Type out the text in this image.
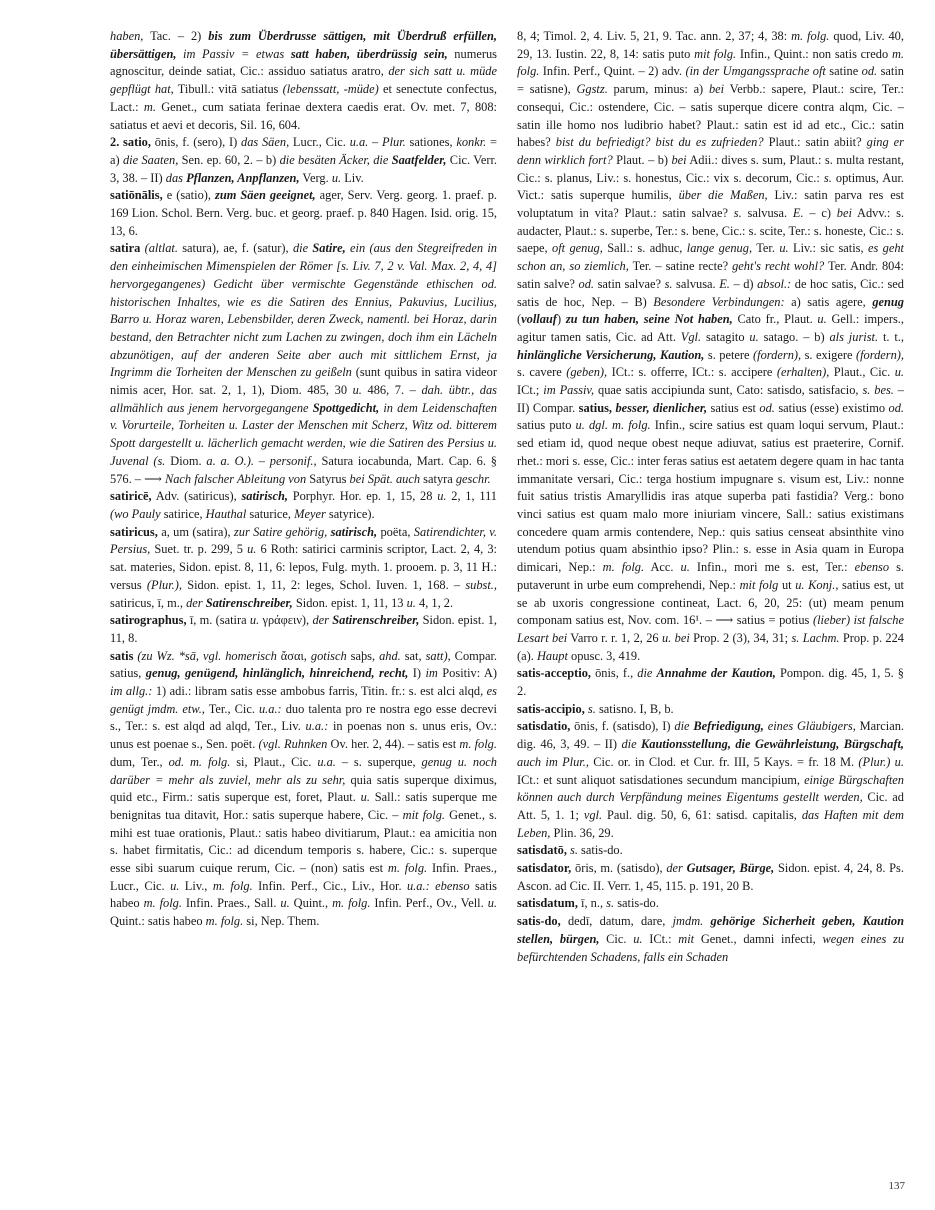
haben, Tac. – 2) bis zum Überdrusse sättigen, mit Überdruß erfüllen, übersättigen, im Passiv = etwas satt haben, überdrüssig sein, numerus agnoscitur, deinde satiat, Cic.: assiduo satiatus aratro, der sich satt u. müde gepflügt hat, Tibull.: vitā satiatus (lebenssatt, -müde) et senectute confectus, Lact.: m. Genet., cum satiata ferinae dextera caedis erat. Ov. met. 7, 808: satiatus et aevi et decoris, Sil. 16, 604.

2. satio, ōnis, f. (sero), I) das Säen, Lucr., Cic. u.a. – Plur. sationes, konkr. = a) die Saaten, Sen. ep. 60, 2. – b) die besäten Äcker, die Saatfelder, Cic. Verr. 3, 38. – II) das Pflanzen, Anpflanzen, Verg. u. Liv.

satiōnālis, e (satio), zum Säen geeignet, ager, Serv. Verg. georg. 1. praef. p. 169 Lion. Schol. Bern. Verg. buc. et georg. praef. p. 840 Hagen. Isid. orig. 15, 13, 6.

satira (altlat. satura), ae, f. (satur), die Satire, ein (aus den Stegreifreden in den einheimischen Mimenspielen der Römer [s. Liv. 7, 2 v. Val. Max. 2, 4, 4] hervorgegangenes) Gedicht über vermischte Gegenstände ethischen od. historischen Inhaltes, wie es die Satiren des Ennius, Pakuvius, Lucilius, Barro u. Horaz waren, Lebensbilder, deren Zweck, namentl. bei Horaz, darin bestand, den Betrachter nicht zum Lachen zu zwingen, doch ihm ein Lächeln abzunötigen, auf der anderen Seite aber auch mit sittlichem Ernst, ja Ingrimm die Torheiten der Menschen zu geißeln (sunt quibus in satira videor nimis acer, Hor. sat. 2, 1, 1), Diom. 485, 30 u. 486, 7. – dah. übtr., das allmählich aus jenem hervorgegangene Spottgedicht, in dem Leidenschaften v. Vorurteile, Torheiten u. Laster der Menschen mit Scherz, Witz od. bitterem Spott dargestellt u. lächerlich gemacht werden, wie die Satiren des Persius u. Juvenal (s. Diom. a. a. O.). – personif., Satura iocabunda, Mart. Cap. 6. § 576. – ⟶ Nach falscher Ableitung von Satyrus bei Spät. auch satyra geschr.

satiricē, Adv. (satiricus), satirisch, Porphyr. Hor. ep. 1, 15, 28 u. 2, 1, 111 (wo Pauly satirice, Hauthal saturice, Meyer satyrice).

satiricus, a, um (satira), zur Satire gehörig, satirisch, poëta, Satirendichter, v. Persius, Suet. tr. p. 299, 5 u. 6 Roth: satirici carminis scriptor, Lact. 2, 4, 3: sat. materies, Sidon. epist. 8, 11, 6: lepos, Fulg. myth. 1. prooem. p. 3, 11 H.: versus (Plur.), Sidon. epist. 1, 11, 2: leges, Schol. Iuven. 1, 168. – subst., satiricus, ī, m., der Satirenschreiber, Sidon. epist. 1, 11, 13 u. 4, 1, 2.

satirographus, ī, m. (satira u. γράφειν), der Satirenschreiber, Sidon. epist. 1, 11, 8.

satis (zu Wz. *sā, vgl. homerisch ἄσαι, gotisch saþs, ahd. sat, satt), Compar. satius, genug, genügend, hinlänglich, hinreichend, recht, I) im Positiv: A) im allg.: 1) adi.: libram satis esse ambobus farris, Titin. fr.: s. est alci alqd, es genügt jmdm. etw., Ter., Cic. u.a.: duo talenta pro re nostra ego esse decrevi s., Ter.: s. est alqd ad alqd, Ter., Liv. u.a.: in poenas non s. unus eris, Ov.: unus est poenae s., Sen. poët. (vgl. Ruhnken Ov. her. 2, 44). – satis est m. folg. dum, Ter., od. m. folg. si, Plaut., Cic. u.a. – s. superque, genug u. noch darüber = mehr als zuviel, mehr als zu sehr, quia satis superque diximus, quid etc., Firm.: satis superque est, foret, Plaut. u. Sall.: satis superque me benignitas tua ditavit, Hor.: satis superque habere, Cic. – mit folg. Genet., s. mihi est tuae orationis, Plaut.: satis habeo divitiarum, Plaut.: ea amicitia non s. habet firmitatis, Cic.: ad dicendum temporis s. habere, Cic.: s. superque esse sibi suarum cuique rerum, Cic. – (non) satis est m. folg. Infin. Praes., Lucr., Cic. u. Liv., m. folg. Infin. Perf., Cic., Liv., Hor. u.a.: ebenso satis habeo m. folg. Infin. Praes., Sall. u. Quint., m. folg. Infin. Perf., Ov., Vell. u. Quint.: satis habeo m. folg. si, Nep. Them.

8, 4; Timol. 2, 4. Liv. 5, 21, 9. Tac. ann. 2, 37; 4, 38: m. folg. quod, Liv. 40, 29, 13. Iustin. 22, 8, 14: satis puto mit folg. Infin., Quint.: non satis credo m. folg. Infin. Perf., Quint. – 2) adv. (in der Umgangssprache oft satine od. satin = satisne), Ggstz. parum, minus: a) bei Verbb.: sapere, Plaut.: scire, Ter.: consequi, Cic.: ostendere, Cic. – satis superque dicere contra alqm, Cic. – satin ille homo nos ludibrio habet? Plaut.: satin est id ad etc., Cic.: satin habes? bist du befriedigt? bist du es zufrieden? Plaut.: satin abiit? ging er denn wirklich fort? Plaut. – b) bei Adii.: dives s. sum, Plaut.: s. multa restant, Cic.: s. planus, Liv.: s. honestus, Cic.: vix s. decorum, Cic.: s. optimus, Aur. Vict.: satis superque humilis, über die Maßen, Liv.: satin parva res est voluptatum in vita? Plaut.: satin salvae? s. salvusa. E. – c) bei Advv.: s. audacter, Plaut.: s. superbe, Ter.: s. bene, Cic.: s. scite, Ter.: s. honeste, Cic.: s. saepe, oft genug, Sall.: s. adhuc, lange genug, Ter. u. Liv.: sic satis, es geht schon an, so ziemlich, Ter. – satine recte? geht's recht wohl? Ter. Andr. 804: satin salve? od. satin salvae? s. salvusa. E. – d) absol.: de hoc satis, Cic.: sed satis de hoc, Nep. – B) Besondere Verbindungen: a) satis agere, genug (vollauf) zu tun haben, seine Not haben, Cato fr., Plaut. u. Gell.: impers., agitur tamen satis, Cic. ad Att. Vgl. satagito u. satago. – b) als jurist. t. t., hinlängliche Versicherung, Kaution, s. petere (fordern), s. exigere (fordern), s. cavere (geben), ICt.: s. offerre, ICt.: s. accipere (erhalten), Plaut., Cic. u. ICt.; im Passiv, quae satis accipiunda sunt, Cato: satisdo, satisfacio, s. bes. – II) Compar. satius, besser, dienlicher, satius est od. satius (esse) existimo od. satius puto u. dgl. m. folg. Infin., scire satius est quam loqui servum, Plaut.: sed etiam id, quod neque obest neque adiuvat, satius est praeterire, Cornif. rhet.: mori s. esse, Cic.: inter feras satius est aetatem degere quam in hac tanta immanitate versari, Cic.: terga hostium impugnare s. visum est, Liv.: nonne fuit satius tristis Amaryllidis iras atque superba pati fastidia? Verg.: bono vinci satius est quam malo more iniuriam vincere, Sall.: satius existimans concedere quam armis contendere, Nep.: quis satius censeat absinthite vino utendum potius quam absinthio ipso? Plin.: s. esse in Asia quam in Europa dimicari, Nep.: m. folg. Acc. u. Infin., mori me s. est, Ter.: ebenso s. putaverunt in urbe eum comprehendi, Nep.: mit folg ut u. Konj., satius est, ut se ab uxoris congressione contineat, Lact. 6, 20, 25: (ut) meam penum componam satius est, Nov. com. 16¹. – ⟶ satius = potius (lieber) ist falsche Lesart bei Varro r. r. 1, 2, 26 u. bei Prop. 2 (3), 34, 31; s. Lachm. Prop. p. 224 (a). Haupt opusc. 3, 419.

satis-acceptio, ōnis, f., die Annahme der Kaution, Pompon. dig. 45, 1, 5. § 2.

satis-accipio, s. satisno. I, B, b.

satisdatio, ōnis, f. (satisdo), I) die Befriedigung, eines Gläubigers, Marcian. dig. 46, 3, 49. – II) die Kautionsstellung, die Gewährleistung, Bürgschaft, auch im Plur., Cic. or. in Clod. et Cur. fr. III, 5 Kays. = fr. 18 M. (Plur.) u. ICt.: et sunt aliquot satisdationes secundum mancipium, einige Bürgschaften können auch durch Verpfändung meines Eigentums gestellt werden, Cic. ad Att. 5, 1. 1; vgl. Paul. dig. 50, 6, 61: satisd. capitalis, das Haften mit dem Leben, Plin. 36, 29.

satisdatō, s. satis-do.

satisdator, ōris, m. (satisdo), der Gutsager, Bürge, Sidon. epist. 4, 24, 8. Ps. Ascon. ad Cic. II. Verr. 1, 45, 115. p. 191, 20 B.

satisdatum, ī, n., s. satis-do.

satis-do, dedī, datum, dare, jmdm. gehörige Sicherheit geben, Kaution stellen, bürgen, Cic. u. ICt.: mit Genet., damni infecti, wegen eines zu befürchtenden Schadens, falls ein Schaden

137
